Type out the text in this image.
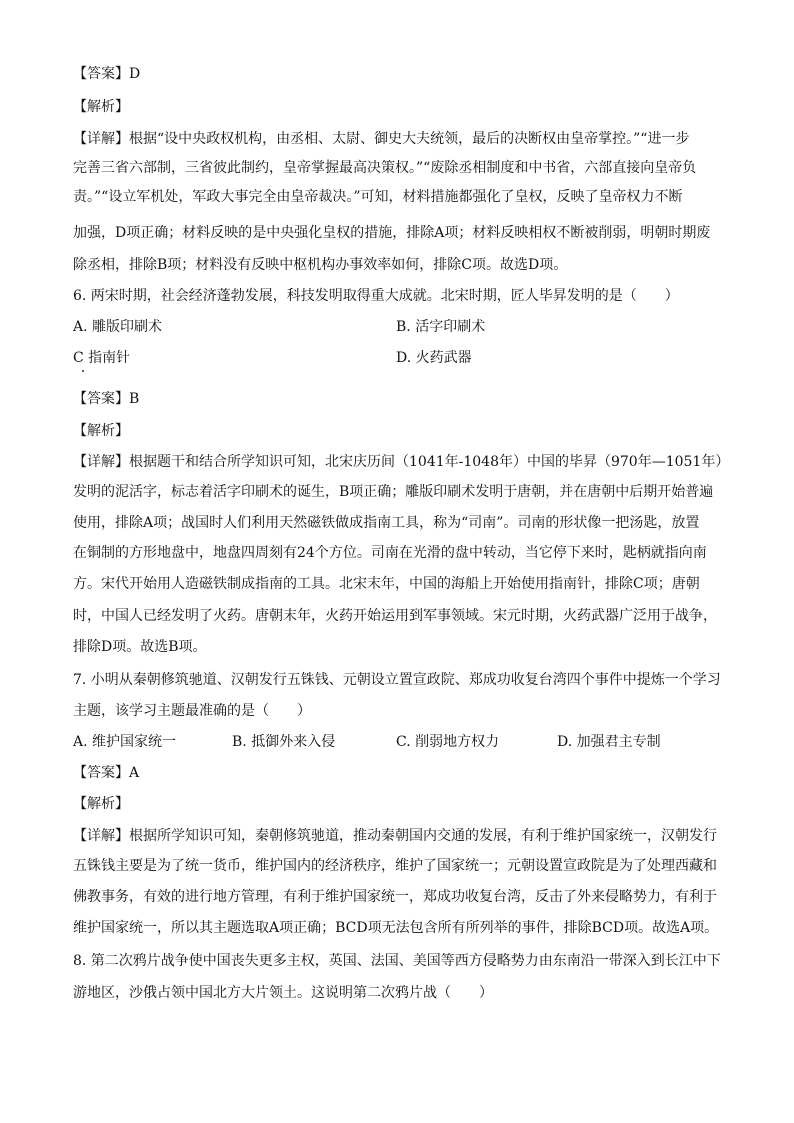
【答案】D
【解析】
【详解】根据“设中央政权机构，由丞相、太尉、御史大夫统领，最后的决断权由皇帝掌控。”“进一步
完善三省六部制，三省彼此制约，皇帝掌握最高决策权。”“废除丞相制度和中书省，六部直接向皇帝负
责。”“设立军机处，军政大事完全由皇帝裁决。”可知，材料措施都强化了皇权，反映了皇帝权力不断
加强，D项正确；材料反映的是中央强化皇权的措施，排除A项；材料反映相权不断被削弱，明朝时期废
除丞相，排除B项；材料没有反映中枢机构办事效率如何，排除C项。故选D项。
6. 两宋时期，社会经济蓬勃发展，科技发明取得重大成就。北宋时期，匠人毕昇发明的是（　　）
A. 雕版印刷术	B. 活字印刷术
C 指南针	D. 火药武器
【答案】B
【解析】
【详解】根据题干和结合所学知识可知，北宋庆历间（1041年-1048年）中国的毕昇（970年—1051年）
发明的泥活字，标志着活字印刷术的诞生，B项正确；雕版印刷术发明于唐朝，并在唐朝中后期开始普遍
使用，排除A项；战国时人们利用天然磁铁做成指南工具，称为“司南”。司南的形状像一把汤匙，放置
在铜制的方形地盘中，地盘四周刻有24个方位。司南在光滑的盘中转动，当它停下来时，匙柄就指向南
方。宋代开始用人造磁铁制成指南的工具。北宋末年，中国的海船上开始使用指南针，排除C项；唐朝
时，中国人已经发明了火药。唐朝末年，火药开始运用到军事领域。宋元时期，火药武器广泛用于战争，
排除D项。故选B项。
7. 小明从秦朝修筑驰道、汉朝发行五铢钱、元朝设立置宣政院、郑成功收复台湾四个事件中提炼一个学习
主题，该学习主题最准确的是（　　）
A. 维护国家统一	B. 抵御外来入侵	C. 削弱地方权力	D. 加强君主专制
【答案】A
【解析】
【详解】根据所学知识可知，秦朝修筑驰道，推动秦朝国内交通的发展，有利于维护国家统一，汉朝发行
五铢钱主要是为了统一货币，维护国内的经济秩序，维护了国家统一；元朝设置宣政院是为了处理西藏和
佛教事务，有效的进行地方管理，有利于维护国家统一，郑成功收复台湾，反击了外来侵略势力，有利于
维护国家统一，所以其主题选取A项正确；BCD项无法包含所有所列举的事件，排除BCD项。故选A项。
8. 第二次鸦片战争使中国丧失更多主权，英国、法国、美国等西方侵略势力由东南沿一带深入到长江中下
游地区，沙俄占领中国北方大片领土。这说明第二次鸦片战（　　）
